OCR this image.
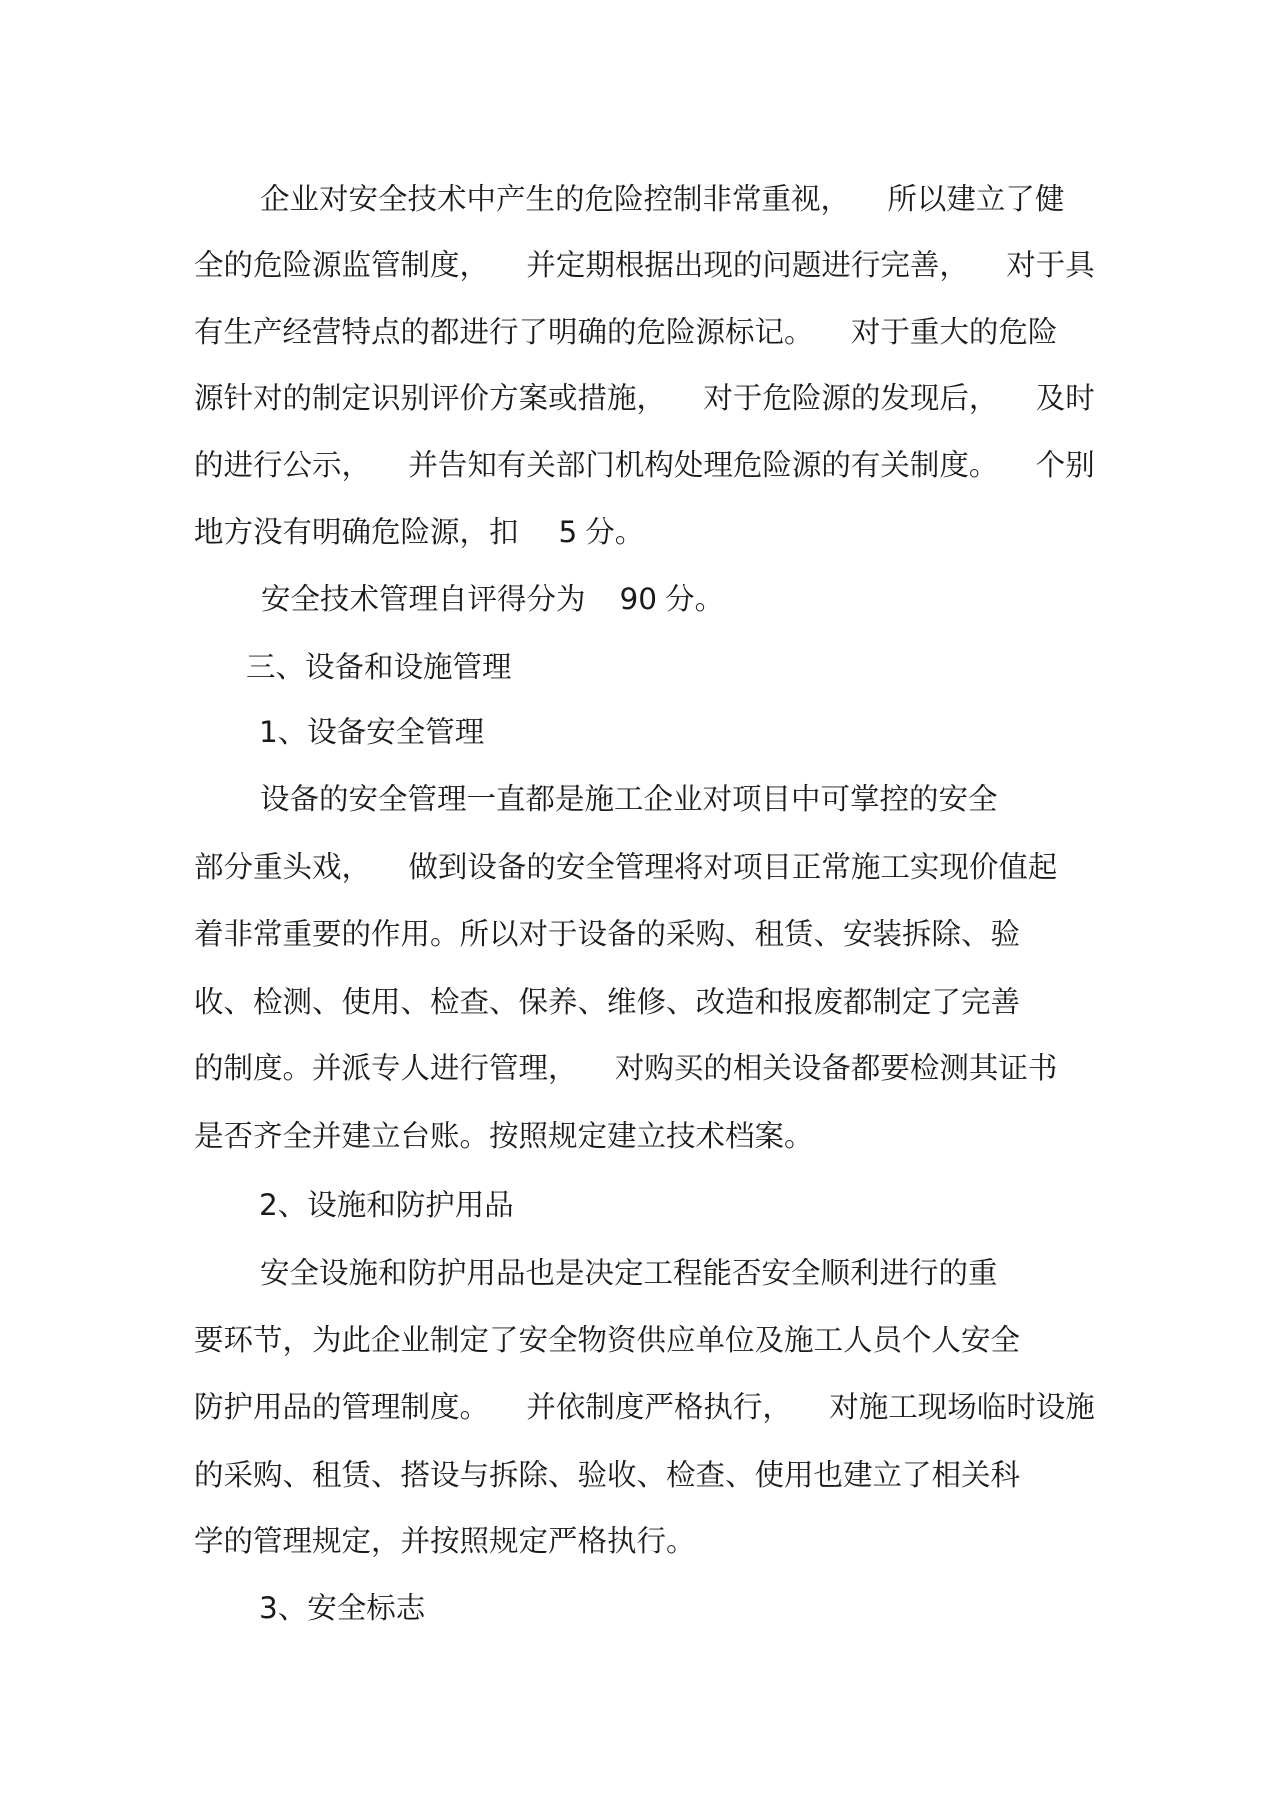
企业对安全技术中产生的危险控制非常重视， 所以建立了健
全的危险源监管制度， 并定期根据出现的问题进行完善， 对于具
有生产经营特点的都进行了明确的危险源标记。 对于重大的危险
源针对的制定识别评价方案或措施， 对于危险源的发现后， 及时
的进行公示， 并告知有关部门机构处理危险源的有关制度。 个别
地方没有明确危险源，扣 5 分。
安全技术管理自评得分为 90 分。
三、设备和设施管理
1、设备安全管理
设备的安全管理一直都是施工企业对项目中可掌控的安全
部分重头戏， 做到设备的安全管理将对项目正常施工实现价值起
着非常重要的作用。所以对于设备的采购、租赁、安装拆除、验
收、检测、使用、检查、保养、维修、改造和报废都制定了完善
的制度。并派专人进行管理， 对购买的相关设备都要检测其证书
是否齐全并建立台账。按照规定建立技术档案。
2、设施和防护用品
安全设施和防护用品也是决定工程能否安全顺利进行的重
要环节，为此企业制定了安全物资供应单位及施工人员个人安全
防护用品的管理制度。 并依制度严格执行， 对施工现场临时设施
的采购、租赁、搭设与拆除、验收、检查、使用也建立了相关科
学的管理规定，并按照规定严格执行。
3、安全标志
